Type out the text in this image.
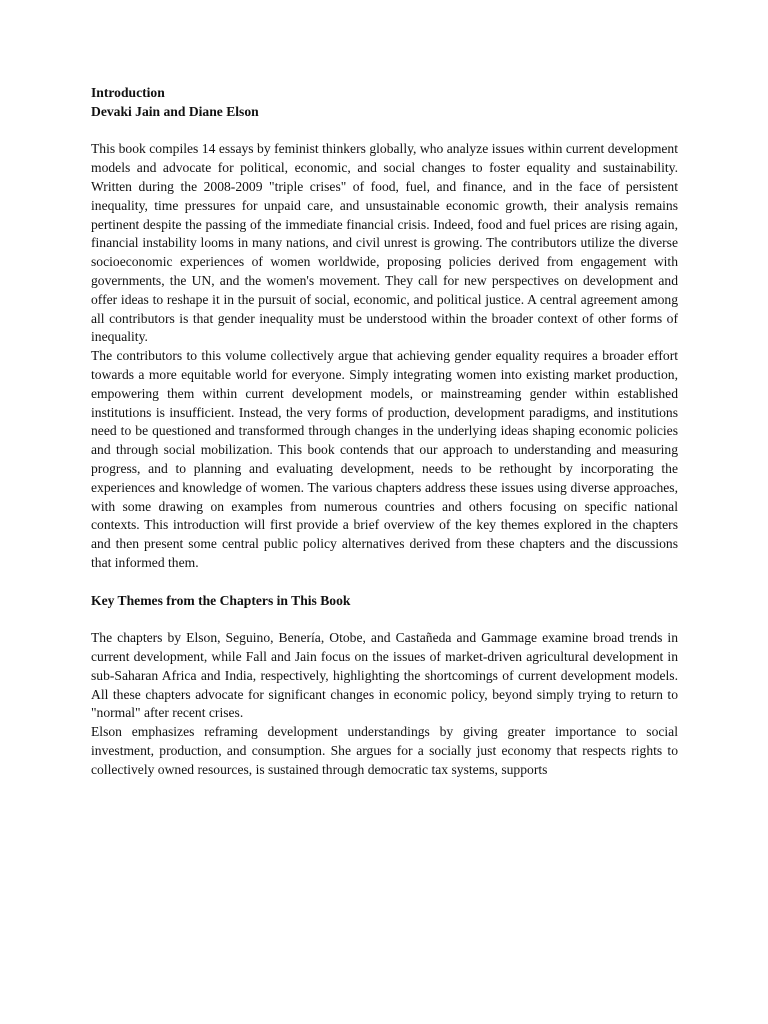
Introduction
Devaki Jain and Diane Elson

This book compiles 14 essays by feminist thinkers globally, who analyze issues within current development models and advocate for political, economic, and social changes to foster equality and sustainability. Written during the 2008-2009 "triple crises" of food, fuel, and finance, and in the face of persistent inequality, time pressures for unpaid care, and unsustainable economic growth, their analysis remains pertinent despite the passing of the immediate financial crisis. Indeed, food and fuel prices are rising again, financial instability looms in many nations, and civil unrest is growing. The contributors utilize the diverse socioeconomic experiences of women worldwide, proposing policies derived from engagement with governments, the UN, and the women's movement. They call for new perspectives on development and offer ideas to reshape it in the pursuit of social, economic, and political justice. A central agreement among all contributors is that gender inequality must be understood within the broader context of other forms of inequality.

The contributors to this volume collectively argue that achieving gender equality requires a broader effort towards a more equitable world for everyone. Simply integrating women into existing market production, empowering them within current development models, or mainstreaming gender within established institutions is insufficient. Instead, the very forms of production, development paradigms, and institutions need to be questioned and transformed through changes in the underlying ideas shaping economic policies and through social mobilization. This book contends that our approach to understanding and measuring progress, and to planning and evaluating development, needs to be rethought by incorporating the experiences and knowledge of women. The various chapters address these issues using diverse approaches, with some drawing on examples from numerous countries and others focusing on specific national contexts. This introduction will first provide a brief overview of the key themes explored in the chapters and then present some central public policy alternatives derived from these chapters and the discussions that informed them.

Key Themes from the Chapters in This Book

The chapters by Elson, Seguino, Benería, Otobe, and Castañeda and Gammage examine broad trends in current development, while Fall and Jain focus on the issues of market-driven agricultural development in sub-Saharan Africa and India, respectively, highlighting the shortcomings of current development models. All these chapters advocate for significant changes in economic policy, beyond simply trying to return to "normal" after recent crises.

Elson emphasizes reframing development understandings by giving greater importance to social investment, production, and consumption. She argues for a socially just economy that respects rights to collectively owned resources, is sustained through democratic tax systems, supports
